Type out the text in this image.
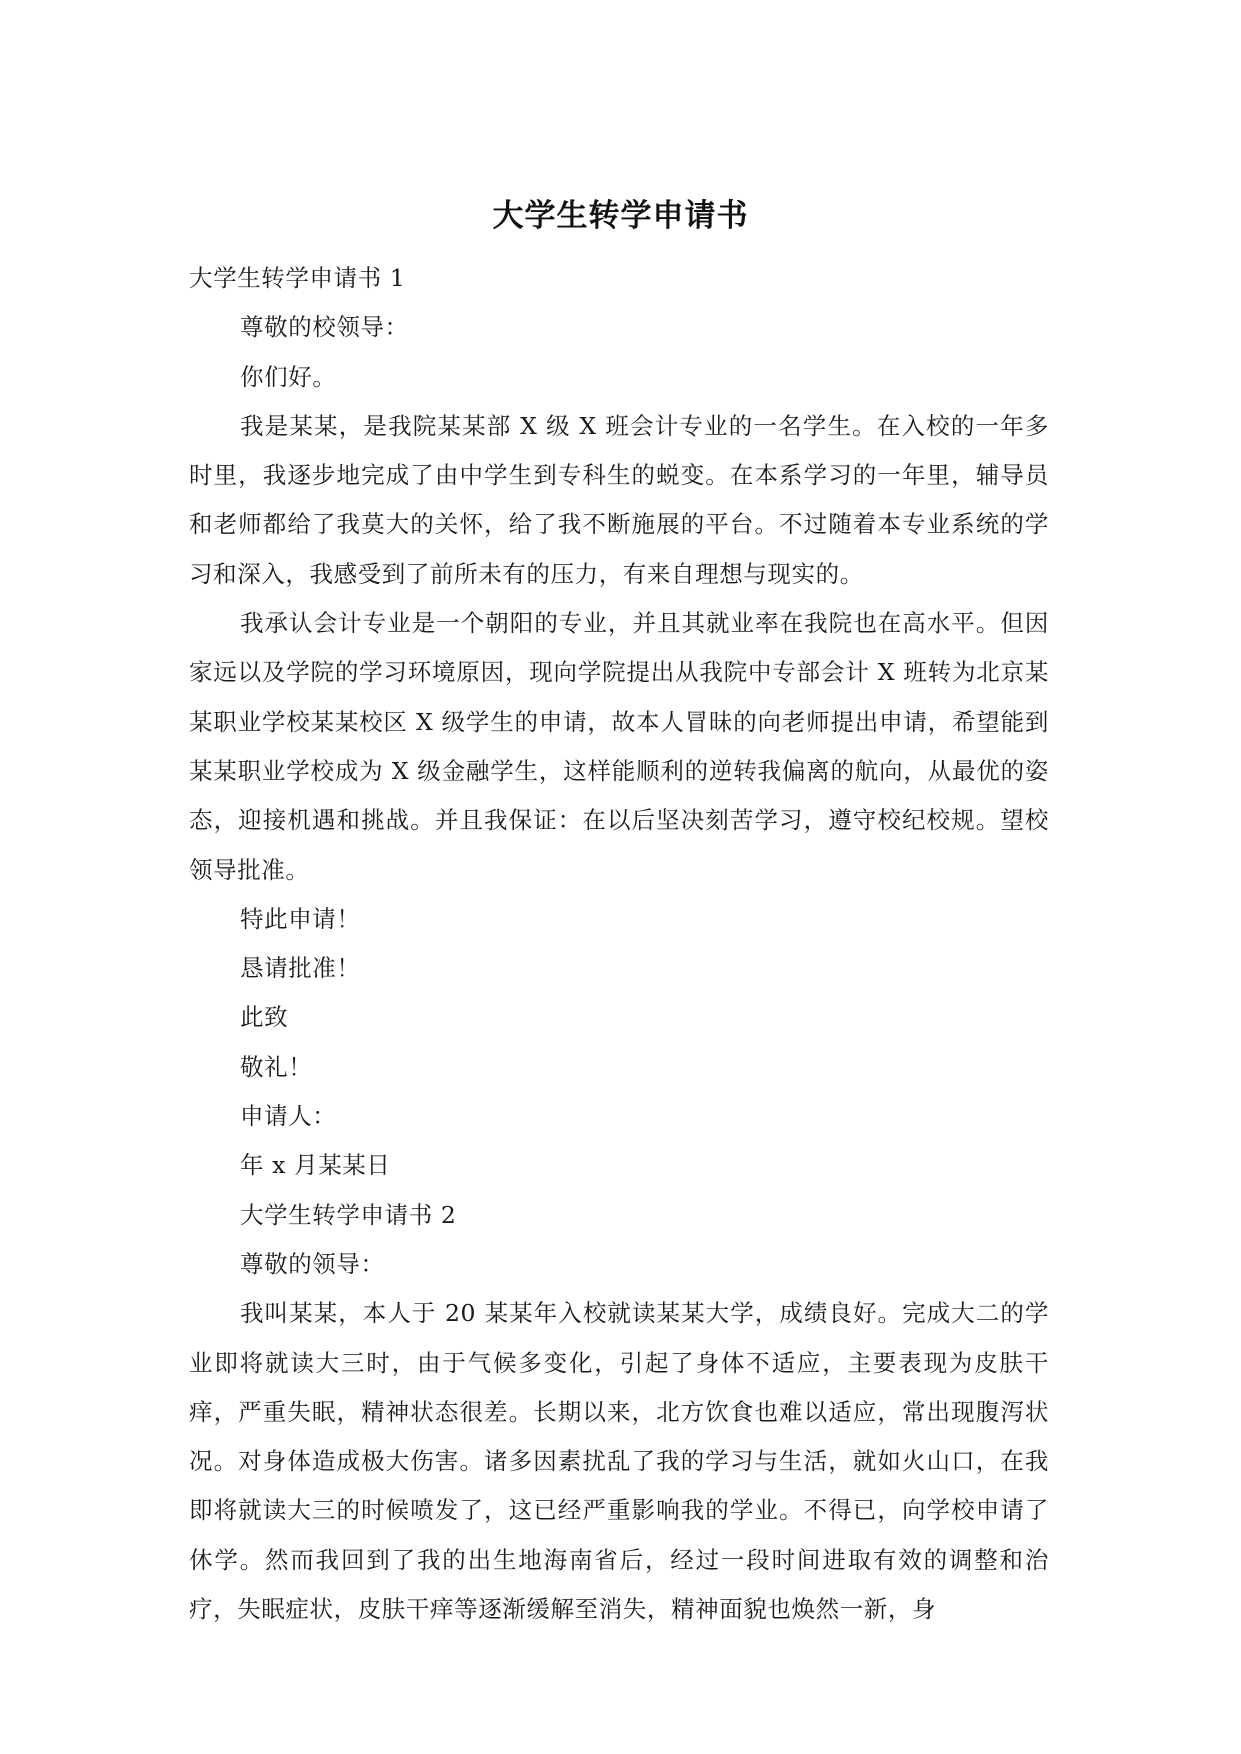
大学生转学申请书

大学生转学申请书 1

尊敬的校领导：

你们好。

我是某某，是我院某某部 X 级 X 班会计专业的一名学生。在入校的一年多时里，我逐步地完成了由中学生到专科生的蜕变。在本系学习的一年里，辅导员和老师都给了我莫大的关怀，给了我不断施展的平台。不过随着本专业系统的学习和深入，我感受到了前所未有的压力，有来自理想与现实的。

我承认会计专业是一个朝阳的专业，并且其就业率在我院也在高水平。但因家远以及学院的学习环境原因，现向学院提出从我院中专部会计 X 班转为北京某某职业学校某某校区 X 级学生的申请，故本人冒昧的向老师提出申请，希望能到某某职业学校成为 X 级金融学生，这样能顺利的逆转我偏离的航向，从最优的姿态，迎接机遇和挑战。并且我保证：在以后坚决刻苦学习，遵守校纪校规。望校领导批准。

特此申请！

恳请批准！

此致

敬礼！

申请人：

年 x 月某某日

大学生转学申请书 2

尊敬的领导：

我叫某某，本人于 20 某某年入校就读某某大学，成绩良好。完成大二的学业即将就读大三时，由于气候多变化，引起了身体不适应，主要表现为皮肤干痒，严重失眠，精神状态很差。长期以来，北方饮食也难以适应，常出现腹泻状况。对身体造成极大伤害。诸多因素扰乱了我的学习与生活，就如火山口，在我即将就读大三的时候喷发了，这已经严重影响我的学业。不得已，向学校申请了休学。然而我回到了我的出生地海南省后，经过一段时间进取有效的调整和治疗，失眠症状，皮肤干痒等逐渐缓解至消失，精神面貌也焕然一新，身
